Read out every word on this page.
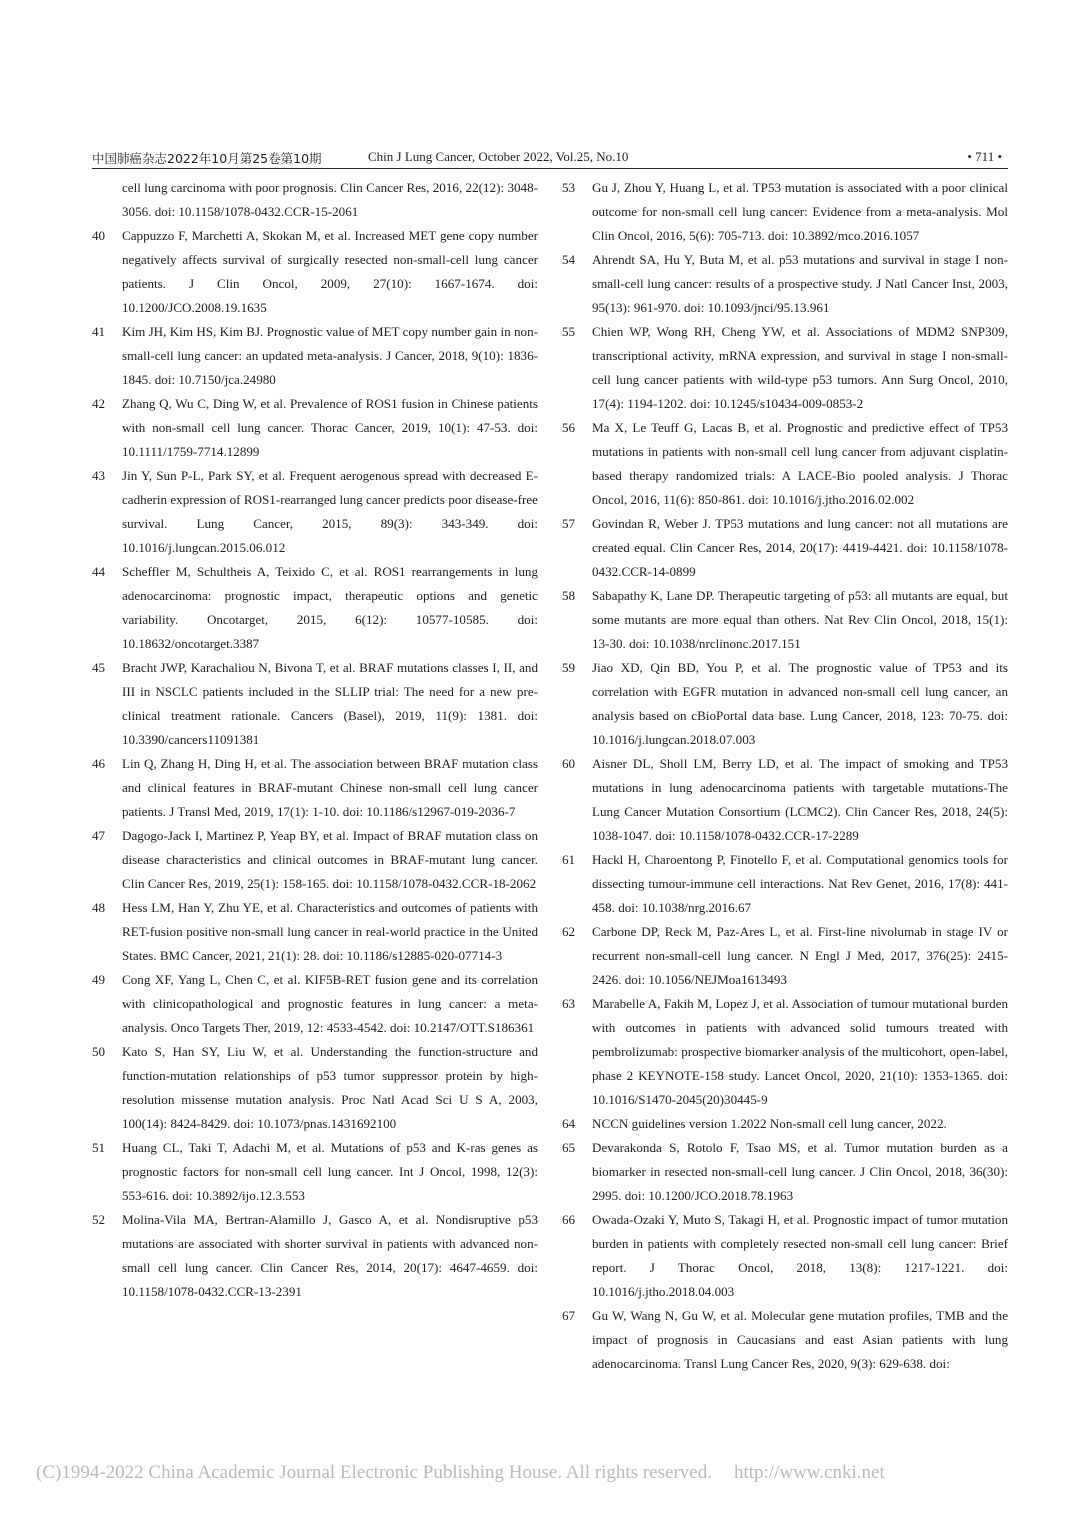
中国肺癌杂志2022年10月第25卷第10期	Chin J Lung Cancer, October 2022, Vol.25, No.10	• 711 •
cell lung carcinoma with poor prognosis. Clin Cancer Res, 2016, 22(12): 3048-3056. doi: 10.1158/1078-0432.CCR-15-2061
40 Cappuzzo F, Marchetti A, Skokan M, et al. Increased MET gene copy number negatively affects survival of surgically resected non-small-cell lung cancer patients. J Clin Oncol, 2009, 27(10): 1667-1674. doi: 10.1200/JCO.2008.19.1635
41 Kim JH, Kim HS, Kim BJ. Prognostic value of MET copy number gain in non-small-cell lung cancer: an updated meta-analysis. J Cancer, 2018, 9(10): 1836-1845. doi: 10.7150/jca.24980
42 Zhang Q, Wu C, Ding W, et al. Prevalence of ROS1 fusion in Chinese patients with non-small cell lung cancer. Thorac Cancer, 2019, 10(1): 47-53. doi: 10.1111/1759-7714.12899
43 Jin Y, Sun P-L, Park SY, et al. Frequent aerogenous spread with decreased E-cadherin expression of ROS1-rearranged lung cancer predicts poor disease-free survival. Lung Cancer, 2015, 89(3): 343-349. doi: 10.1016/j.lungcan.2015.06.012
44 Scheffler M, Schultheis A, Teixido C, et al. ROS1 rearrangements in lung adenocarcinoma: prognostic impact, therapeutic options and genetic variability. Oncotarget, 2015, 6(12): 10577-10585. doi: 10.18632/oncotarget.3387
45 Bracht JWP, Karachaliou N, Bivona T, et al. BRAF mutations classes I, II, and III in NSCLC patients included in the SLLIP trial: The need for a new pre-clinical treatment rationale. Cancers (Basel), 2019, 11(9): 1381. doi: 10.3390/cancers11091381
46 Lin Q, Zhang H, Ding H, et al. The association between BRAF mutation class and clinical features in BRAF-mutant Chinese non-small cell lung cancer patients. J Transl Med, 2019, 17(1): 1-10. doi: 10.1186/s12967-019-2036-7
47 Dagogo-Jack I, Martinez P, Yeap BY, et al. Impact of BRAF mutation class on disease characteristics and clinical outcomes in BRAF-mutant lung cancer. Clin Cancer Res, 2019, 25(1): 158-165. doi: 10.1158/1078-0432.CCR-18-2062
48 Hess LM, Han Y, Zhu YE, et al. Characteristics and outcomes of patients with RET-fusion positive non-small lung cancer in real-world practice in the United States. BMC Cancer, 2021, 21(1): 28. doi: 10.1186/s12885-020-07714-3
49 Cong XF, Yang L, Chen C, et al. KIF5B-RET fusion gene and its correlation with clinicopathological and prognostic features in lung cancer: a meta-analysis. Onco Targets Ther, 2019, 12: 4533-4542. doi: 10.2147/OTT.S186361
50 Kato S, Han SY, Liu W, et al. Understanding the function-structure and function-mutation relationships of p53 tumor suppressor protein by high-resolution missense mutation analysis. Proc Natl Acad Sci U S A, 2003, 100(14): 8424-8429. doi: 10.1073/pnas.1431692100
51 Huang CL, Taki T, Adachi M, et al. Mutations of p53 and K-ras genes as prognostic factors for non-small cell lung cancer. Int J Oncol, 1998, 12(3): 553-616. doi: 10.3892/ijo.12.3.553
52 Molina-Vila MA, Bertran-Alamillo J, Gasco A, et al. Nondisruptive p53 mutations are associated with shorter survival in patients with advanced non-small cell lung cancer. Clin Cancer Res, 2014, 20(17): 4647-4659. doi: 10.1158/1078-0432.CCR-13-2391
53 Gu J, Zhou Y, Huang L, et al. TP53 mutation is associated with a poor clinical outcome for non-small cell lung cancer: Evidence from a meta-analysis. Mol Clin Oncol, 2016, 5(6): 705-713. doi: 10.3892/mco.2016.1057
54 Ahrendt SA, Hu Y, Buta M, et al. p53 mutations and survival in stage I non-small-cell lung cancer: results of a prospective study. J Natl Cancer Inst, 2003, 95(13): 961-970. doi: 10.1093/jnci/95.13.961
55 Chien WP, Wong RH, Cheng YW, et al. Associations of MDM2 SNP309, transcriptional activity, mRNA expression, and survival in stage I non-small-cell lung cancer patients with wild-type p53 tumors. Ann Surg Oncol, 2010, 17(4): 1194-1202. doi: 10.1245/s10434-009-0853-2
56 Ma X, Le Teuff G, Lacas B, et al. Prognostic and predictive effect of TP53 mutations in patients with non-small cell lung cancer from adjuvant cisplatin-based therapy randomized trials: A LACE-Bio pooled analysis. J Thorac Oncol, 2016, 11(6): 850-861. doi: 10.1016/j.jtho.2016.02.002
57 Govindan R, Weber J. TP53 mutations and lung cancer: not all mutations are created equal. Clin Cancer Res, 2014, 20(17): 4419-4421. doi: 10.1158/1078-0432.CCR-14-0899
58 Sabapathy K, Lane DP. Therapeutic targeting of p53: all mutants are equal, but some mutants are more equal than others. Nat Rev Clin Oncol, 2018, 15(1): 13-30. doi: 10.1038/nrclinonc.2017.151
59 Jiao XD, Qin BD, You P, et al. The prognostic value of TP53 and its correlation with EGFR mutation in advanced non-small cell lung cancer, an analysis based on cBioPortal data base. Lung Cancer, 2018, 123: 70-75. doi: 10.1016/j.lungcan.2018.07.003
60 Aisner DL, Sholl LM, Berry LD, et al. The impact of smoking and TP53 mutations in lung adenocarcinoma patients with targetable mutations-The Lung Cancer Mutation Consortium (LCMC2). Clin Cancer Res, 2018, 24(5): 1038-1047. doi: 10.1158/1078-0432.CCR-17-2289
61 Hackl H, Charoentong P, Finotello F, et al. Computational genomics tools for dissecting tumour-immune cell interactions. Nat Rev Genet, 2016, 17(8): 441-458. doi: 10.1038/nrg.2016.67
62 Carbone DP, Reck M, Paz-Ares L, et al. First-line nivolumab in stage IV or recurrent non-small-cell lung cancer. N Engl J Med, 2017, 376(25): 2415-2426. doi: 10.1056/NEJMoa1613493
63 Marabelle A, Fakih M, Lopez J, et al. Association of tumour mutational burden with outcomes in patients with advanced solid tumours treated with pembrolizumab: prospective biomarker analysis of the multicohort, open-label, phase 2 KEYNOTE-158 study. Lancet Oncol, 2020, 21(10): 1353-1365. doi: 10.1016/S1470-2045(20)30445-9
64 NCCN guidelines version 1.2022 Non-small cell lung cancer, 2022.
65 Devarakonda S, Rotolo F, Tsao MS, et al. Tumor mutation burden as a biomarker in resected non-small-cell lung cancer. J Clin Oncol, 2018, 36(30): 2995. doi: 10.1200/JCO.2018.78.1963
66 Owada-Ozaki Y, Muto S, Takagi H, et al. Prognostic impact of tumor mutation burden in patients with completely resected non-small cell lung cancer: Brief report. J Thorac Oncol, 2018, 13(8): 1217-1221. doi: 10.1016/j.jtho.2018.04.003
67 Gu W, Wang N, Gu W, et al. Molecular gene mutation profiles, TMB and the impact of prognosis in Caucasians and east Asian patients with lung adenocarcinoma. Transl Lung Cancer Res, 2020, 9(3): 629-638. doi:
(C)1994-2022 China Academic Journal Electronic Publishing House. All rights reserved. http://www.cnki.net
